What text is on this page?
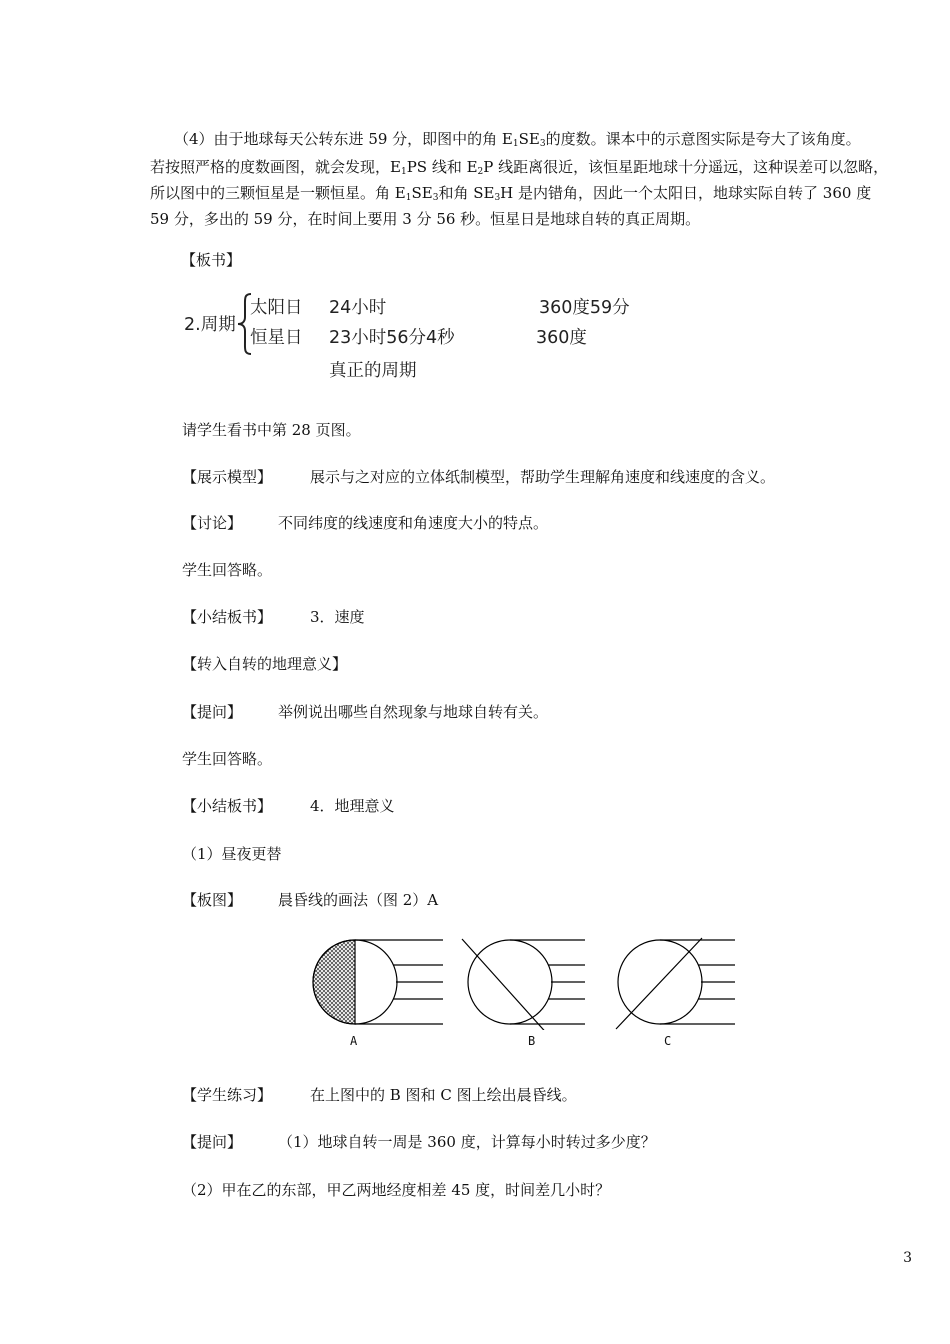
（4）由于地球每天公转东进 59 分，即图中的角 $E_1SE_3$的度数。课本中的示意图实际是夸大了该角度。
若按照严格的度数画图，就会发现，$E_1PS$ 线和 $E_2P$ 线距离很近，该恒星距地球十分遥远，这种误差可以忽略，
所以图中的三颗恒星是一颗恒星。角 $E_1SE_3$和角 $SE_3H$ 是内错角，因此一个太阳日，地球实际自转了 360 度
59 分，多出的 59 分，在时间上要用 3 分 56 秒。恒星日是地球自转的真正周期。
【板书】
2.周期
太阳日 24小时	360度59分
恒星日 23小时56分4秒	360度
真正的周期
请学生看书中第 28 页图。
【展示模型】	展示与之对应的立体纸制模型，帮助学生理解角速度和线速度的含义。
【讨论】 不同纬度的线速度和角速度大小的特点。
学生回答略。
【小结板书】	3．速度
【转入自转的地理意义】
【提问】 举例说出哪些自然现象与地球自转有关。
学生回答略。
【小结板书】	4．地理意义
（1）昼夜更替
【板图】 晨昏线的画法（图 2）A
A	B	C
【学生练习】	在上图中的 B 图和 C 图上绘出晨昏线。
【提问】 （1）地球自转一周是 360 度，计算每小时转过多少度？
（2）甲在乙的东部，甲乙两地经度相差 45 度，时间差几小时？
3
